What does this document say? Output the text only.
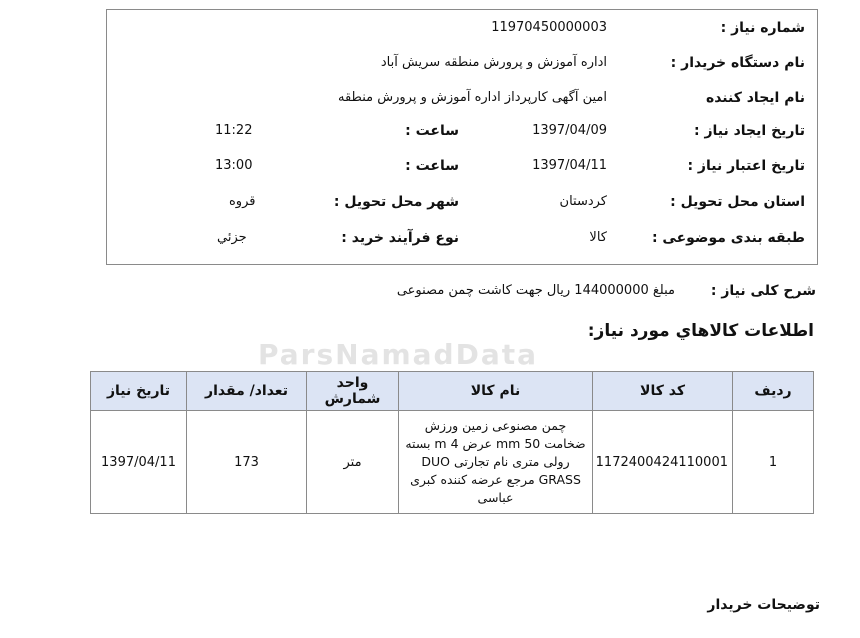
ParsNamadData
شماره نیاز :
11970450000003
نام دستگاه خریدار :
اداره آموزش و پرورش منطقه سریش آباد
نام ایجاد کننده
امین آگهی کارپرداز اداره آموزش و پرورش منطقه
تاریخ ایجاد نیاز :
1397/04/09
ساعت :
11:22
تاریخ اعتبار نیاز :
1397/04/11
ساعت :
13:00
استان محل تحویل :
کردستان
شهر محل تحویل :
قروه
طبقه بندی موضوعی :
کالا
نوع فرآیند خرید :
جزئي
شرح کلی نیاز :
مبلغ 144000000 ریال جهت کاشت چمن مصنوعی
اطلاعات کالاهاي مورد نياز:
ردیف	کد کالا	نام کالا	واحد شمارش	تعداد/ مقدار	تاریخ نیاز
1	1172400424110001	چمن مصنوعی زمین ورزش ضخامت 50 mm عرض 4 m بسته رولی متری نام تجارتی DUO GRASS مرجع عرضه کننده کبری عباسی	متر	173	1397/04/11
توضیحات خریدار
